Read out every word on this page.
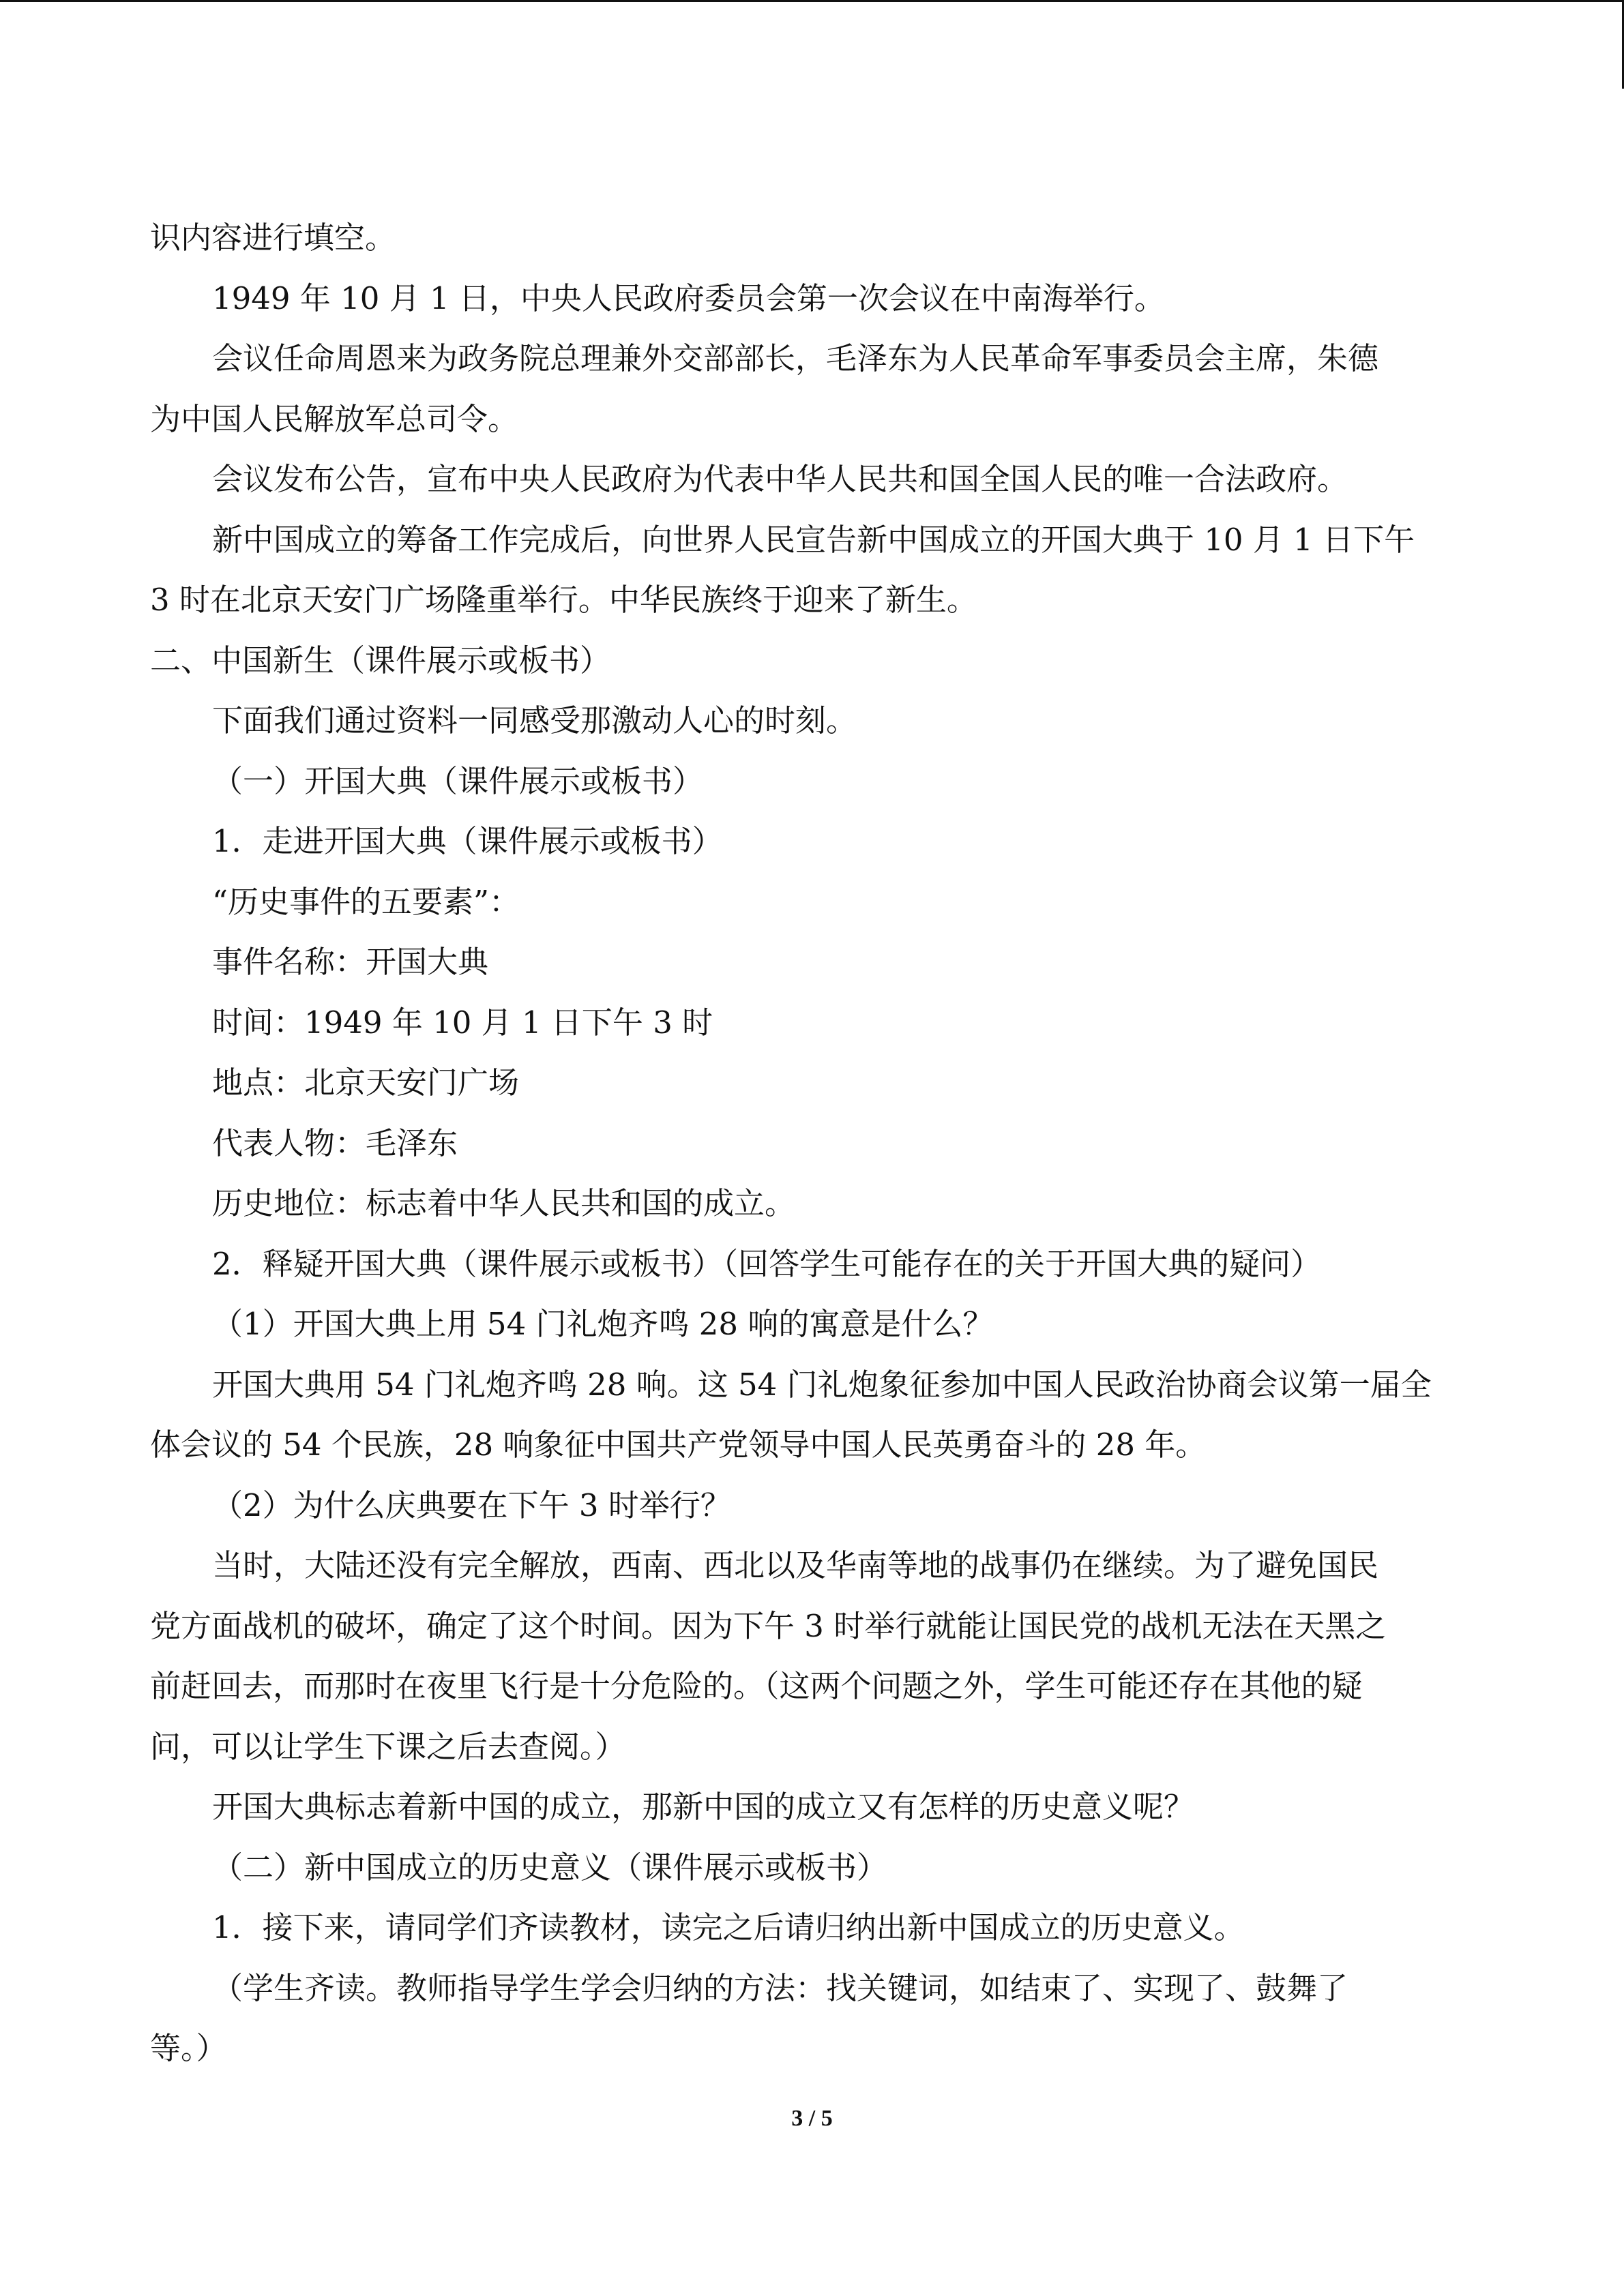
识内容进行填空。

1949 年 10 月 1 日，中央人民政府委员会第一次会议在中南海举行。

会议任命周恩来为政务院总理兼外交部部长，毛泽东为人民革命军事委员会主席，朱德

为中国人民解放军总司令。

会议发布公告，宣布中央人民政府为代表中华人民共和国全国人民的唯一合法政府。

新中国成立的筹备工作完成后，向世界人民宣告新中国成立的开国大典于 10 月 1 日下午

3 时在北京天安门广场隆重举行。中华民族终于迎来了新生。

二、中国新生（课件展示或板书）

下面我们通过资料一同感受那激动人心的时刻。

（一）开国大典（课件展示或板书）

1．走进开国大典（课件展示或板书）

“历史事件的五要素”：

事件名称：开国大典

时间：1949 年 10 月 1 日下午 3 时

地点：北京天安门广场

代表人物：毛泽东

历史地位：标志着中华人民共和国的成立。

2．释疑开国大典（课件展示或板书）（回答学生可能存在的关于开国大典的疑问）

（1）开国大典上用 54 门礼炮齐鸣 28 响的寓意是什么？

开国大典用 54 门礼炮齐鸣 28 响。这 54 门礼炮象征参加中国人民政治协商会议第一届全

体会议的 54 个民族，28 响象征中国共产党领导中国人民英勇奋斗的 28 年。

（2）为什么庆典要在下午 3 时举行？

当时，大陆还没有完全解放，西南、西北以及华南等地的战事仍在继续。为了避免国民

党方面战机的破坏，确定了这个时间。因为下午 3 时举行就能让国民党的战机无法在天黑之

前赶回去，而那时在夜里飞行是十分危险的。（这两个问题之外，学生可能还存在其他的疑

问，可以让学生下课之后去查阅。）

开国大典标志着新中国的成立，那新中国的成立又有怎样的历史意义呢？

（二）新中国成立的历史意义（课件展示或板书）

1．接下来，请同学们齐读教材，读完之后请归纳出新中国成立的历史意义。

（学生齐读。教师指导学生学会归纳的方法：找关键词，如结束了、实现了、鼓舞了

等。）

3 / 5
